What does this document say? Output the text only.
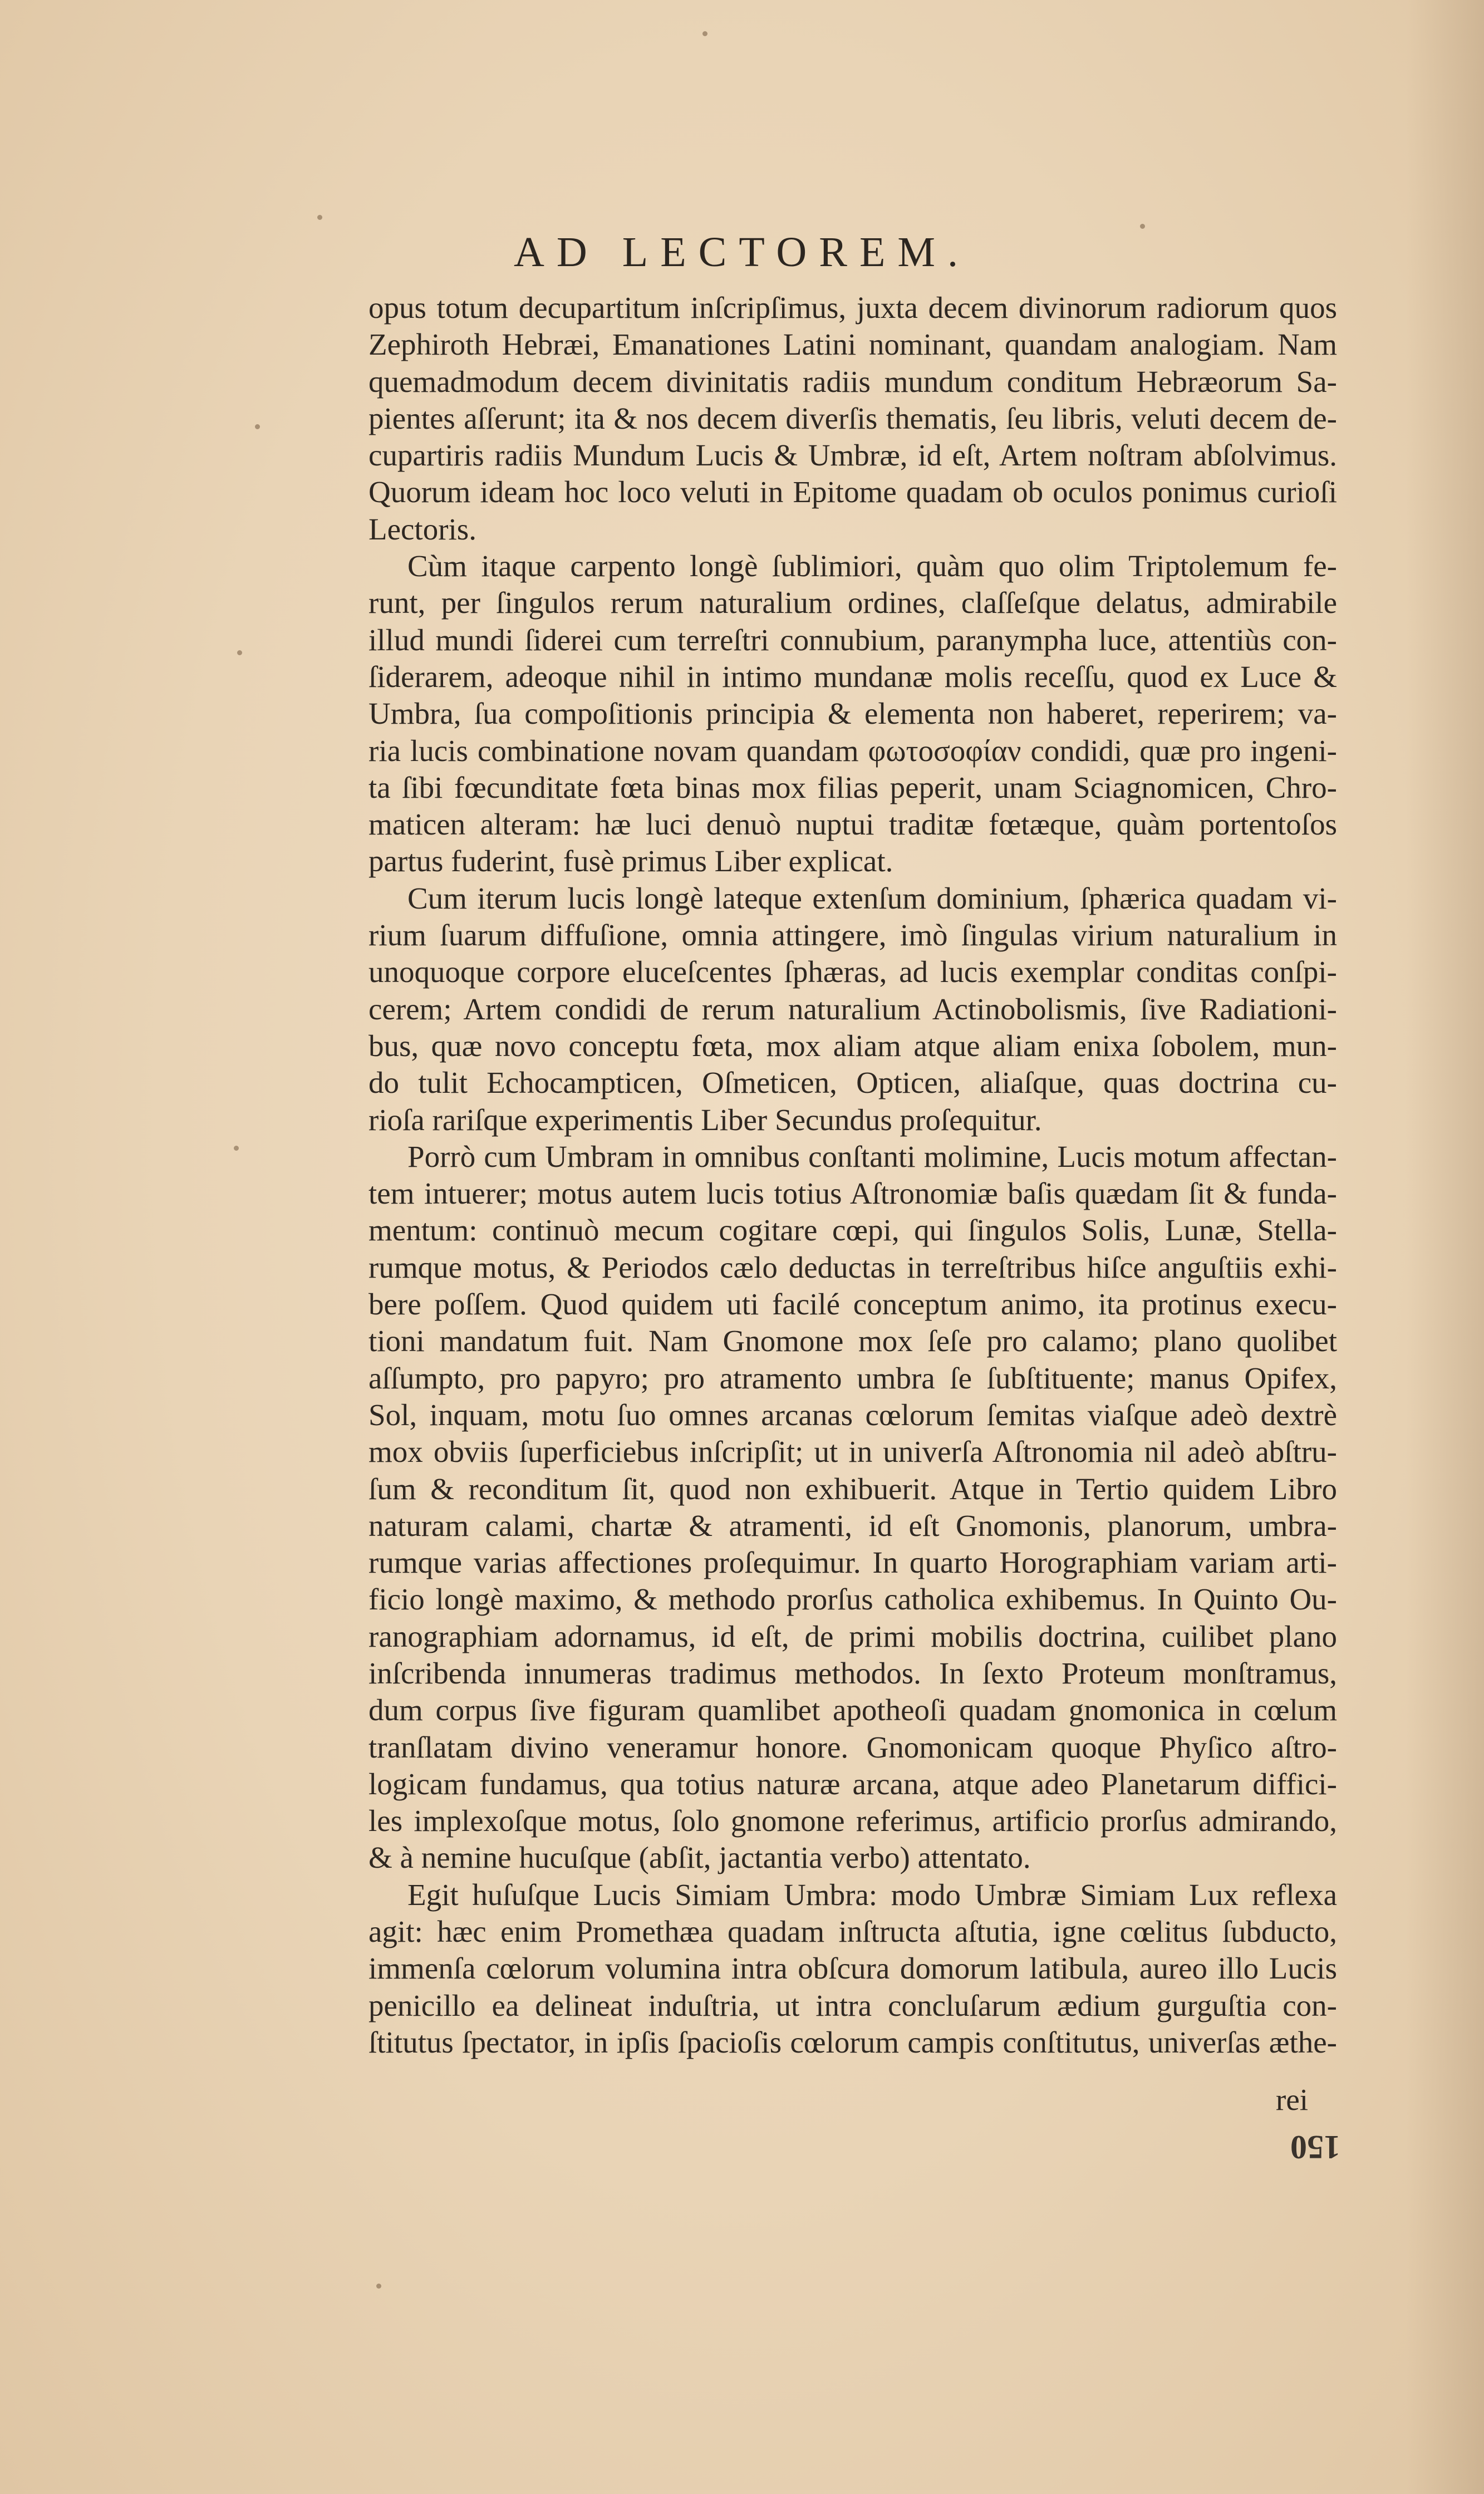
AD LECTOREM.
opus totum decupartitum inſcripſimus, juxta decem divinorum radiorum quos
Zephiroth Hebræi, Emanationes Latini nominant, quandam analogiam. Nam
quemadmodum decem divinitatis radiis mundum conditum Hebræorum Sa-
pientes aſſerunt; ita & nos decem diverſis thematis, ſeu libris, veluti decem de-
cupartiris radiis Mundum Lucis & Umbræ, id eſt, Artem noſtram abſolvimus.
Quorum ideam hoc loco veluti in Epitome quadam ob oculos ponimus curioſi
Lectoris.
Cùm itaque carpento longè ſublimiori, quàm quo olim Triptolemum fe-
runt, per ſingulos rerum naturalium ordines, claſſeſque delatus, admirabile
illud mundi ſiderei cum terreſtri connubium, paranympha luce, attentiùs con-
ſiderarem, adeoque nihil in intimo mundanæ molis receſſu, quod ex Luce &
Umbra, ſua compoſitionis principia & elementa non haberet, reperirem; va-
ria lucis combinatione novam quandam φωτοσοφίαν condidi, quæ pro ingeni-
ta ſibi fœcunditate fœta binas mox filias peperit, unam Sciagnomicen, Chro-
maticen alteram: hæ luci denuò nuptui traditæ fœtæque, quàm portentoſos
partus fuderint, fusè primus Liber explicat.
Cum iterum lucis longè lateque extenſum dominium, ſphærica quadam vi-
rium ſuarum diffuſione, omnia attingere, imò ſingulas virium naturalium in
unoquoque corpore eluceſcentes ſphæras, ad lucis exemplar conditas conſpi-
cerem; Artem condidi de rerum naturalium Actinobolismis, ſive Radiationi-
bus, quæ novo conceptu fœta, mox aliam atque aliam enixa ſobolem, mun-
do tulit Echocampticen, Oſmeticen, Opticen, aliaſque, quas doctrina cu-
rioſa rariſque experimentis Liber Secundus proſequitur.
Porrò cum Umbram in omnibus conſtanti molimine, Lucis motum affectan-
tem intuerer; motus autem lucis totius Aſtronomiæ baſis quædam ſit & funda-
mentum: continuò mecum cogitare cœpi, qui ſingulos Solis, Lunæ, Stella-
rumque motus, & Periodos cælo deductas in terreſtribus hiſce anguſtiis exhi-
bere poſſem. Quod quidem uti facilé conceptum animo, ita protinus execu-
tioni mandatum fuit. Nam Gnomone mox ſeſe pro calamo; plano quolibet
aſſumpto, pro papyro; pro atramento umbra ſe ſubſtituente; manus Opifex,
Sol, inquam, motu ſuo omnes arcanas cœlorum ſemitas viaſque adeò dextrè
mox obviis ſuperficiebus inſcripſit; ut in univerſa Aſtronomia nil adeò abſtru-
ſum & reconditum ſit, quod non exhibuerit. Atque in Tertio quidem Libro
naturam calami, chartæ & atramenti, id eſt Gnomonis, planorum, umbra-
rumque varias affectiones proſequimur. In quarto Horographiam variam arti-
ficio longè maximo, & methodo prorſus catholica exhibemus. In Quinto Ou-
ranographiam adornamus, id eſt, de primi mobilis doctrina, cuilibet plano
inſcribenda innumeras tradimus methodos. In ſexto Proteum monſtramus,
dum corpus ſive figuram quamlibet apotheoſi quadam gnomonica in cœlum
tranſlatam divino veneramur honore. Gnomonicam quoque Phyſico aſtro-
logicam fundamus, qua totius naturæ arcana, atque adeo Planetarum diffici-
les implexoſque motus, ſolo gnomone referimus, artificio prorſus admirando,
& à nemine hucuſque (abſit, jactantia verbo) attentato.
Egit huſuſque Lucis Simiam Umbra: modo Umbræ Simiam Lux reflexa
agit: hæc enim Promethæa quadam inſtructa aſtutia, igne cœlitus ſubducto,
immenſa cœlorum volumina intra obſcura domorum latibula, aureo illo Lucis
penicillo ea delineat induſtria, ut intra concluſarum ædium gurguſtia con-
ſtitutus ſpectator, in ipſis ſpacioſis cœlorum campis conſtitutus, univerſas æthe-
rei
150
